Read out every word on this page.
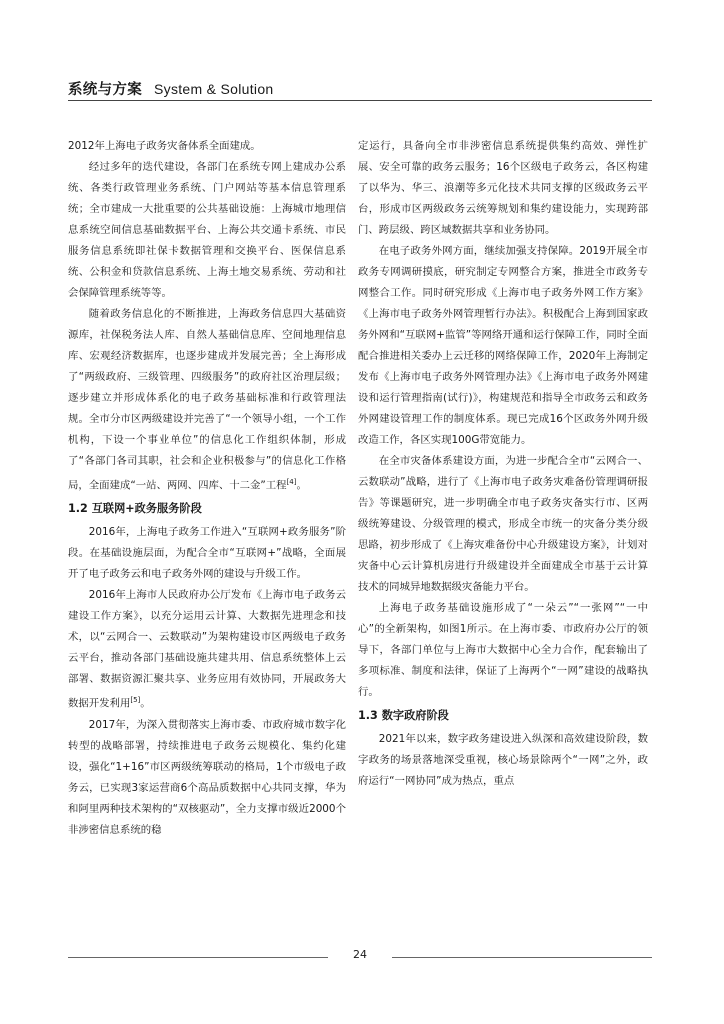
系统与方案 System & Solution

2012年上海电子政务灾备体系全面建成。

经过多年的迭代建设，各部门在系统专网上建成办公系统、各类行政管理业务系统、门户网站等基本信息管理系统；全市建成一大批重要的公共基础设施：上海城市地理信息系统空间信息基础数据平台、上海公共交通卡系统、市民服务信息系统即社保卡数据管理和交换平台、医保信息系统、公积金和贷款信息系统、上海土地交易系统、劳动和社会保障管理系统等等。

随着政务信息化的不断推进，上海政务信息四大基础资源库，社保税务法人库、自然人基础信息库、空间地理信息库、宏观经济数据库，也逐步建成并发展完善；全上海形成了“两级政府、三级管理、四级服务”的政府社区治理层级；逐步建立并形成体系化的电子政务基础标准和行政管理法规。全市分市区两级建设并完善了“一个领导小组，一个工作机构，下设一个事业单位”的信息化工作组织体制，形成了“各部门各司其职，社会和企业积极参与”的信息化工作格局，全面建成“一站、两网、四库、十二金”工程[4]。

1.2 互联网+政务服务阶段

2016年，上海电子政务工作进入“互联网+政务服务”阶段。在基础设施层面，为配合全市“互联网+”战略，全面展开了电子政务云和电子政务外网的建设与升级工作。

2016年上海市人民政府办公厅发布《上海市电子政务云建设工作方案》，以充分运用云计算、大数据先进理念和技术，以“云网合一、云数联动”为架构建设市区两级电子政务云平台，推动各部门基础设施共建共用、信息系统整体上云部署、数据资源汇聚共享、业务应用有效协同，开展政务大数据开发利用[5]。

2017年，为深入贯彻落实上海市委、市政府城市数字化转型的战略部署，持续推进电子政务云规模化、集约化建设，强化“1+16”市区两级统筹联动的格局，1个市级电子政务云，已实现3家运营商6个高品质数据中心共同支撑，华为和阿里两种技术架构的“双核驱动”，全力支撑市级近2000个非涉密信息系统的稳

定运行，具备向全市非涉密信息系统提供集约高效、弹性扩展、安全可靠的政务云服务；16个区级电子政务云，各区构建了以华为、华三、浪潮等多元化技术共同支撑的区级政务云平台，形成市区两级政务云统筹规划和集约建设能力，实现跨部门、跨层级、跨区域数据共享和业务协同。

在电子政务外网方面，继续加强支持保障。2019开展全市政务专网调研摸底，研究制定专网整合方案，推进全市政务专网整合工作。同时研究形成《上海市电子政务外网工作方案》《上海市电子政务外网管理暂行办法》。积极配合上海到国家政务外网和“互联网+监管”等网络开通和运行保障工作，同时全面配合推进相关委办上云迁移的网络保障工作，2020年上海制定发布《上海市电子政务外网管理办法》《上海市电子政务外网建设和运行管理指南(试行)》，构建规范和指导全市政务云和政务外网建设管理工作的制度体系。现已完成16个区政务外网升级改造工作，各区实现100G带宽能力。

在全市灾备体系建设方面，为进一步配合全市“云网合一、云数联动”战略，进行了《上海市电子政务灾难备份管理调研报告》等课题研究，进一步明确全市电子政务灾备实行市、区两级统筹建设、分级管理的模式，形成全市统一的灾备分类分级思路，初步形成了《上海灾难备份中心升级建设方案》，计划对灾备中心云计算机房进行升级建设并全面建成全市基于云计算技术的同城异地数据级灾备能力平台。

上海电子政务基础设施形成了“一朵云”“一张网”“一中心”的全新架构，如图1所示。在上海市委、市政府办公厅的领导下，各部门单位与上海市大数据中心全力合作，配套输出了多项标准、制度和法律，保证了上海两个“一网”建设的战略执行。

1.3 数字政府阶段

2021年以来，数字政务建设进入纵深和高效建设阶段，数字政务的场景落地深受重视，核心场景除两个“一网”之外，政府运行“一网协同”成为热点，重点

24
